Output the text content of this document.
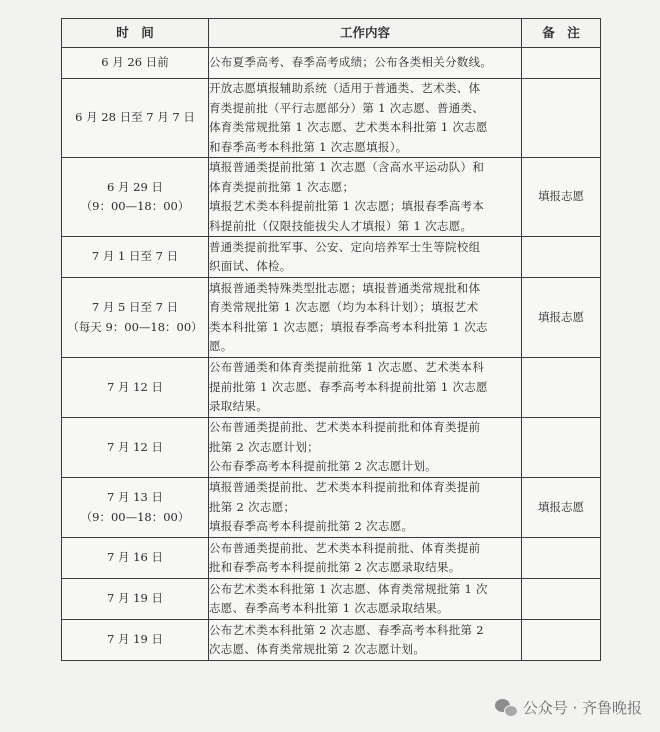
时　间	工作内容	备　注

6 月 26 日前	公布夏季高考、春季高考成绩；公布各类相关分数线。	

6 月 28 日至 7 月 7 日	开放志愿填报辅助系统（适用于普通类、艺术类、体
育类提前批（平行志愿部分）第 1 次志愿、普通类、
体育类常规批第 1 次志愿、艺术类本科批第 1 次志愿
和春季高考本科批第 1 次志愿填报）。	

6 月 29 日
（9：00—18：00）	填报普通类提前批第 1 次志愿（含高水平运动队）和
体育类提前批第 1 次志愿；
填报艺术类本科提前批第 1 次志愿；填报春季高考本
科提前批（仅限技能拔尖人才填报）第 1 次志愿。	填报志愿

7 月 1 日至 7 日	普通类提前批军事、公安、定向培养军士生等院校组
织面试、体检。	

7 月 5 日至 7 日
（每天 9：00—18：00）	填报普通类特殊类型批志愿；填报普通类常规批和体
育类常规批第 1 次志愿（均为本科计划）；填报艺术
类本科批第 1 次志愿；填报春季高考本科批第 1 次志
愿。	填报志愿

7 月 12 日	公布普通类和体育类提前批第 1 次志愿、艺术类本科
提前批第 1 次志愿、春季高考本科提前批第 1 次志愿
录取结果。	

7 月 12 日	公布普通类提前批、艺术类本科提前批和体育类提前
批第 2 次志愿计划；
公布春季高考本科提前批第 2 次志愿计划。	

7 月 13 日
（9：00—18：00）	填报普通类提前批、艺术类本科提前批和体育类提前
批第 2 次志愿；
填报春季高考本科提前批第 2 次志愿。	填报志愿

7 月 16 日	公布普通类提前批、艺术类本科提前批、体育类提前
批和春季高考本科提前批第 2 次志愿录取结果。	

7 月 19 日	公布艺术类本科批第 1 次志愿、体育类常规批第 1 次
志愿、春季高考本科批第 1 次志愿录取结果。	

7 月 19 日	公布艺术类本科批第 2 次志愿、春季高考本科批第 2
次志愿、体育类常规批第 2 次志愿计划。	

公众号 · 齐鲁晚报
